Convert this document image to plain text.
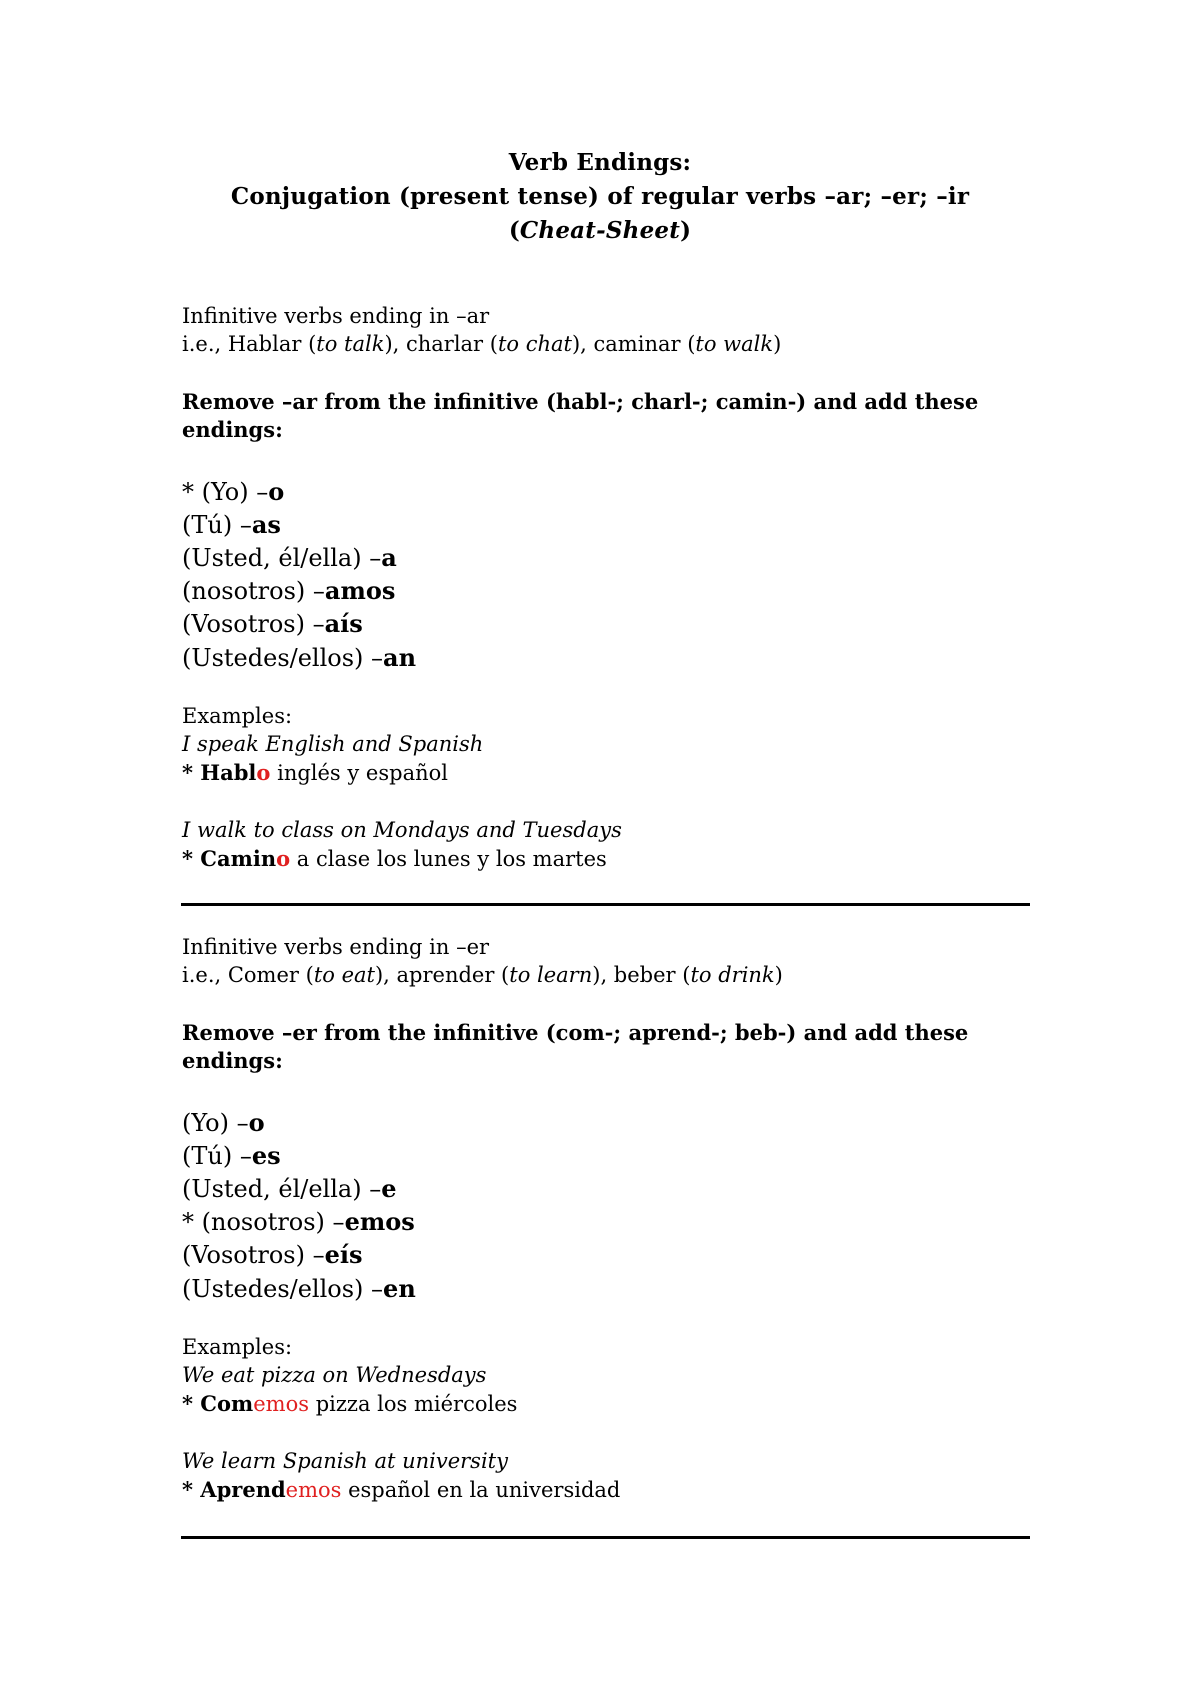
Verb Endings:
Conjugation (present tense) of regular verbs –ar; –er; –ir
(Cheat-Sheet)
Infinitive verbs ending in –ar
i.e., Hablar (to talk), charlar (to chat), caminar (to walk)
Remove –ar from the infinitive (habl-; charl-; camin-) and add these
endings:
* (Yo) –o
(Tú) –as
(Usted, él/ella) –a
(nosotros) –amos
(Vosotros) –aís
(Ustedes/ellos) –an
Examples:
I speak English and Spanish
* Hablo inglés y español
I walk to class on Mondays and Tuesdays
* Camino a clase los lunes y los martes
Infinitive verbs ending in –er
i.e., Comer (to eat), aprender (to learn), beber (to drink)
Remove –er from the infinitive (com-; aprend-; beb-) and add these
endings:
(Yo) –o
(Tú) –es
(Usted, él/ella) –e
* (nosotros) –emos
(Vosotros) –eís
(Ustedes/ellos) –en
Examples:
We eat pizza on Wednesdays
* Comemos pizza los miércoles
We learn Spanish at university
* Aprendemos español en la universidad
